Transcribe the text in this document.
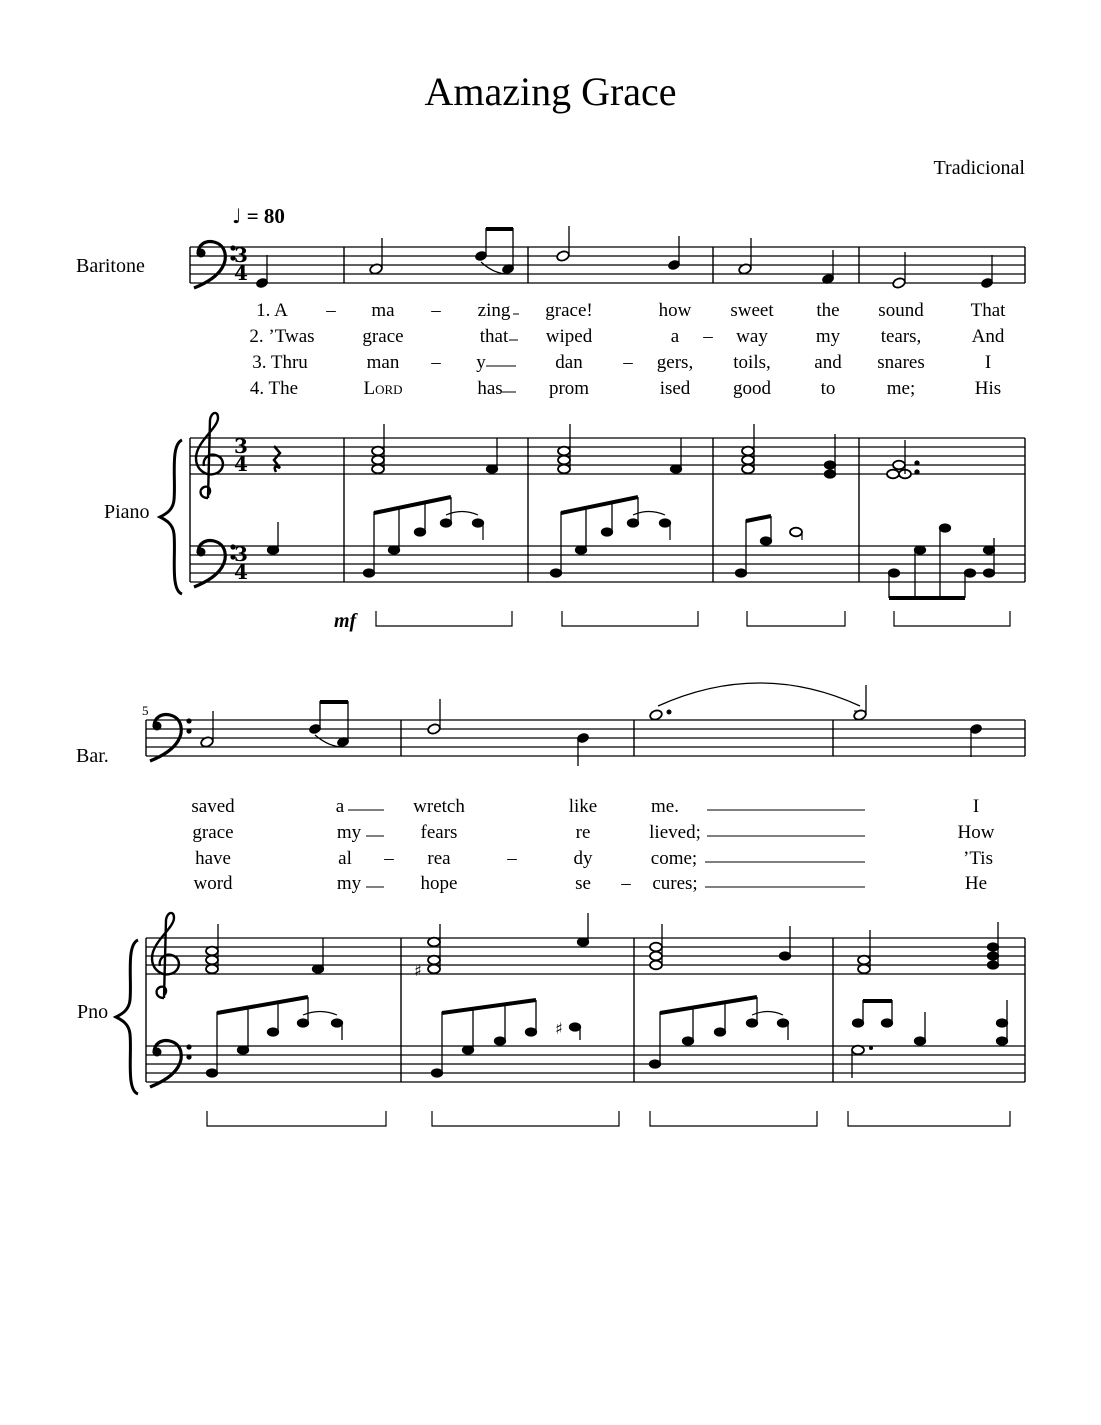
Amazing Grace
Tradicional
♩ = 80
Baritone
Piano
Bar.
Pno
5
mf
1. A – ma – zing grace!	how sweet the sound That
2. ’Twas	grace	that wiped	a – way	my tears,	And
3. Thru	man – y	dan – gers, toils, and snares	I
4. The	Lord	has prom	ised good	to	me;	His
saved	a	wretch	like	me.	I
grace	my	fears	re	lieved;	How
have	al – rea	–	dy	come;	’Tis
word	my	hope	se – cures;	He
3
4
3
4
3
4
♯
♯
